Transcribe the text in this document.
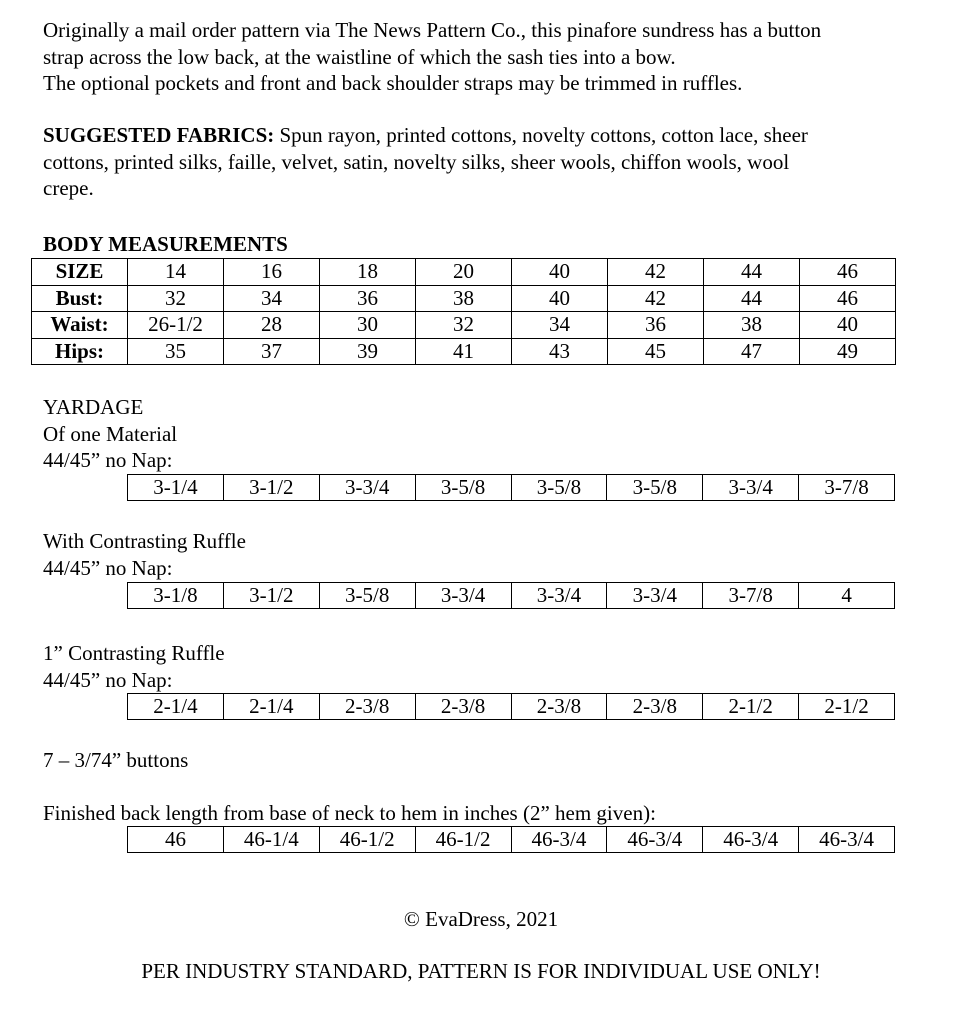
Originally a mail order pattern via The News Pattern Co., this pinafore sundress has a button
strap across the low back, at the waistline of which the sash ties into a bow.
The optional pockets and front and back shoulder straps may be trimmed in ruffles.
SUGGESTED FABRICS: Spun rayon, printed cottons, novelty cottons, cotton lace, sheer
cottons, printed silks, faille, velvet, satin, novelty silks, sheer wools, chiffon wools, wool
crepe.
BODY MEASUREMENTS
SIZE	14	16	18	20	40	42	44	46
Bust:	32	34	36	38	40	42	44	46
Waist:	26-1/2	28	30	32	34	36	38	40
Hips:	35	37	39	41	43	45	47	49
YARDAGE
Of one Material
44/45” no Nap:
3-1/4	3-1/2	3-3/4	3-5/8	3-5/8	3-5/8	3-3/4	3-7/8
With Contrasting Ruffle
44/45” no Nap:
3-1/8	3-1/2	3-5/8	3-3/4	3-3/4	3-3/4	3-7/8	4
1” Contrasting Ruffle
44/45” no Nap:
2-1/4	2-1/4	2-3/8	2-3/8	2-3/8	2-3/8	2-1/2	2-1/2
7 – 3/74” buttons
Finished back length from base of neck to hem in inches (2” hem given):
46	46-1/4	46-1/2	46-1/2	46-3/4	46-3/4	46-3/4	46-3/4
© EvaDress, 2021
PER INDUSTRY STANDARD, PATTERN IS FOR INDIVIDUAL USE ONLY!
